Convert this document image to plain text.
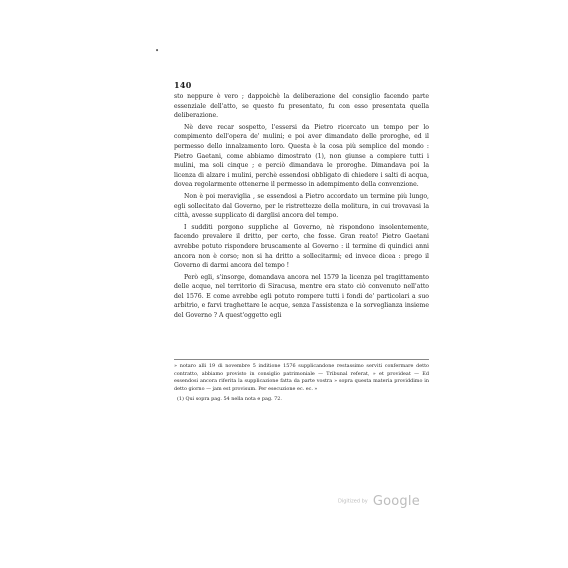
•
140

sto neppure è vero ; dappoichè la deliberazione del consiglio facendo parte essenziale dell'atto, se questo fu presentato, fu con esso presentata quella deliberazione.

Nè deve recar sospetto, l'essersi da Pietro ricercato un tempo per lo compimento dell'opera de' mulini; e poi aver dimandato delle proroghe, ed il permesso dello innalzamento loro. Questa è la cosa più semplice del mondo : Pietro Gaetani, come abbiamo dimostrato (1), non giunse a compiere tutti i mulini, ma soli cinque ; e perciò dimandava le proroghe. Dimandava poi la licenza di alzare i mulini, perchè essendosi obbligato di chiedere i salti di acqua, dovea regolarmente ottenerne il permesso in adempimento della convenzione.

Non è poi meraviglia , se essendosi a Pietro accordato un termine più lungo, egli sollecitato dal Governo, per le ristrettezze della molitura, in cui trovavasi la città, avesse supplicato di darglisi ancora del tempo.

I sudditi porgono suppliche al Governo, nè rispondono insolentemente, facendo prevalere il dritto, per certo, che fosse. Gran reato! Pietro Gaetani avrebbe potuto rispondere bruscamente al Governo : il termine di quindici anni ancora non è corso; non si ha dritto a sollecitarmi; ed invece dicea : prego il Governo di darmi ancora del tempo !

Però egli, s'insorge, domandava ancora nel 1579 la licenza pel tragittamento delle acque, nel territorio di Siracusa, mentre era stato ciò convenuto nell'atto del 1576. E come avrebbe egli potuto rompere tutti i fondi de' particolari a suo arbitrio, e farvi traghettare le acque, senza l'assistenza e la sorveglianza insieme del Governo ? A quest'oggetto egli

» notaro alli 19 di novembre 5 inditione 1576 supplicandone restassimo serviti confermare detto contratto, abbiamo provisto in consiglio patrimoniale — Tribunal referat, » et provideat — Ed essendosi ancora riferita la supplicazione fatta da parte vostra » sopra questa materia providdimo in detto giorno — jam est provisum. Per esecuzione ec. ec. »

(1) Qui sopra pag. 54 nella nota e pag. 72.

Digitized by Google
